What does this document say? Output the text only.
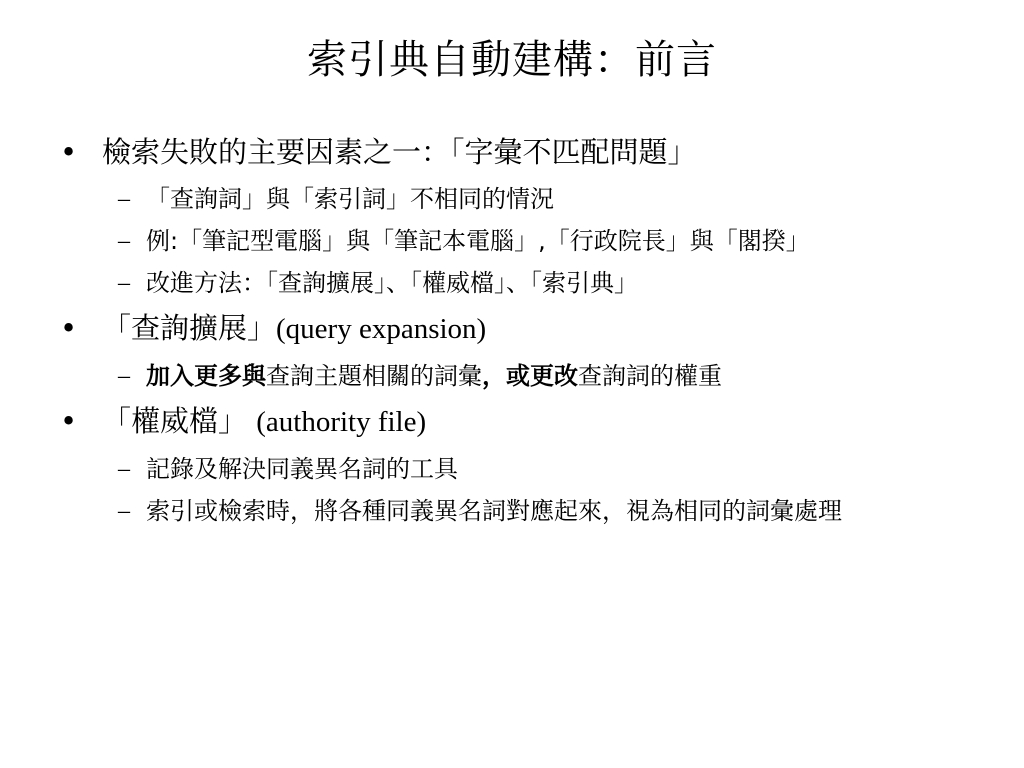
索引典自動建構：前言
• 檢索失敗的主要因素之一：「字彙不匹配問題」
– 「查詢詞」與「索引詞」不相同的情況
– 例:「筆記型電腦」與「筆記本電腦」,「行政院長」與「閣揆」
– 改進方法：「查詢擴展」、「權威檔」、「索引典」
• 「查詢擴展」(query expansion)
– 加入更多與查詢主題相關的詞彙，或更改查詢詞的權重
• 「權威檔」 (authority file)
– 記錄及解決同義異名詞的工具
– 索引或檢索時，將各種同義異名詞對應起來，視為相同的詞彙處理
